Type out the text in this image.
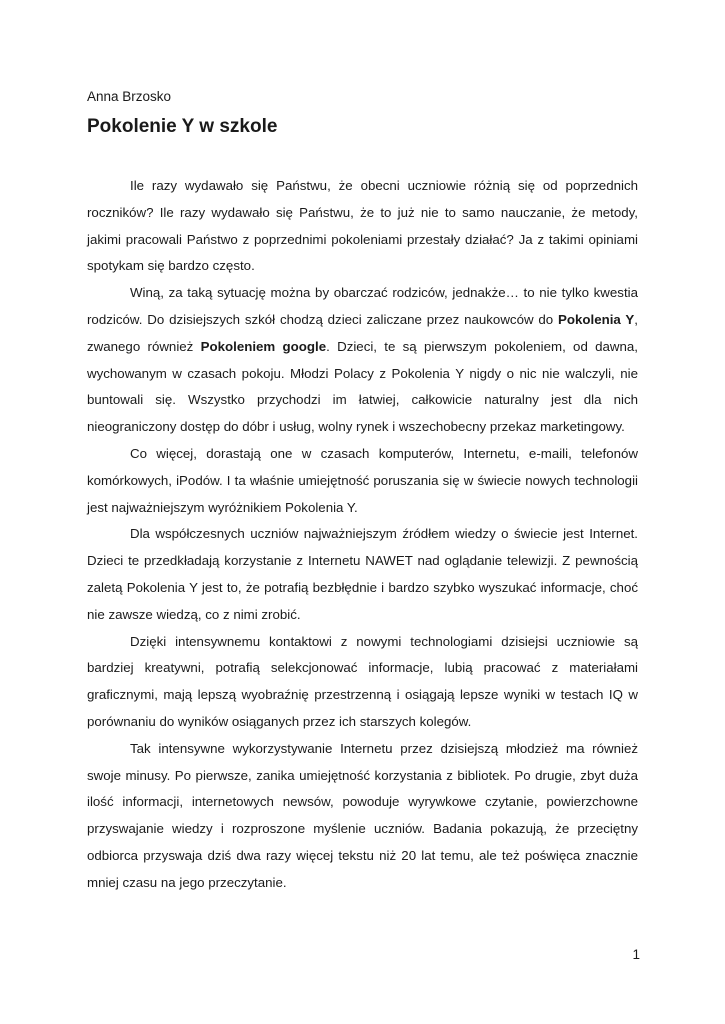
Anna Brzosko
Pokolenie Y w szkole

Ile razy wydawało się Państwu, że obecni uczniowie różnią się od poprzednich roczników? Ile razy wydawało się Państwu, że to już nie to samo nauczanie, że metody, jakimi pracowali Państwo z poprzednimi pokoleniami przestały działać? Ja z takimi opiniami spotykam się bardzo często.

Winą, za taką sytuację można by obarczać rodziców, jednakże… to nie tylko kwestia rodziców. Do dzisiejszych szkół chodzą dzieci zaliczane przez naukowców do Pokolenia Y, zwanego również Pokoleniem google. Dzieci, te są pierwszym pokoleniem, od dawna, wychowanym w czasach pokoju. Młodzi Polacy z Pokolenia Y nigdy o nic nie walczyli, nie buntowali się. Wszystko przychodzi im łatwiej, całkowicie naturalny jest dla nich nieograniczony dostęp do dóbr i usług, wolny rynek i wszechobecny przekaz marketingowy.

Co więcej, dorastają one w czasach komputerów, Internetu, e-maili, telefonów komórkowych, iPodów. I ta właśnie umiejętność poruszania się w świecie nowych technologii jest najważniejszym wyróżnikiem Pokolenia Y.

Dla współczesnych uczniów najważniejszym źródłem wiedzy o świecie jest Internet. Dzieci te przedkładają korzystanie z Internetu NAWET nad oglądanie telewizji. Z pewnością zaletą Pokolenia Y jest to, że potrafią bezbłędnie i bardzo szybko wyszukać informacje, choć nie zawsze wiedzą, co z nimi zrobić.

Dzięki intensywnemu kontaktowi z nowymi technologiami dzisiejsi uczniowie są bardziej kreatywni, potrafią selekcjonować informacje, lubią pracować z materiałami graficznymi, mają lepszą wyobraźnię przestrzenną i osiągają lepsze wyniki w testach IQ w porównaniu do wyników osiąganych przez ich starszych kolegów.

Tak intensywne wykorzystywanie Internetu przez dzisiejszą młodzież ma również swoje minusy. Po pierwsze, zanika umiejętność korzystania z bibliotek. Po drugie, zbyt duża ilość informacji, internetowych newsów, powoduje wyrywkowe czytanie, powierzchowne przyswajanie wiedzy i rozproszone myślenie uczniów. Badania pokazują, że przeciętny odbiorca przyswaja dziś dwa razy więcej tekstu niż 20 lat temu, ale też poświęca znacznie mniej czasu na jego przeczytanie.

1
